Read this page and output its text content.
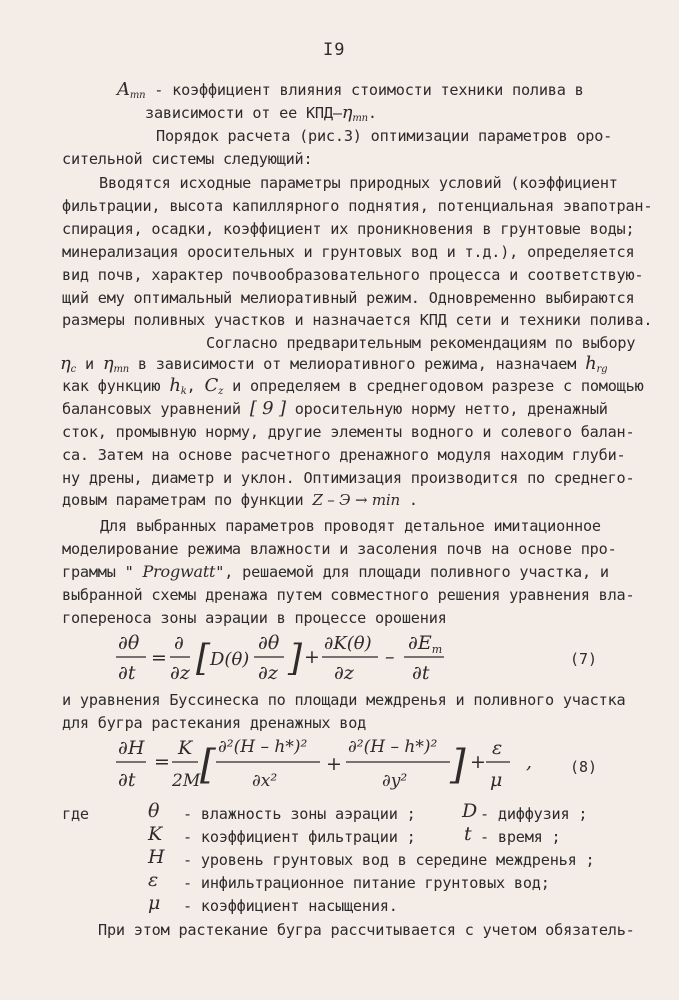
I9
$A_{mn}$ - коэффициент влияния стоимости техники полива в
зависимости от ее КПД–$\eta_{mn}$.
Порядок расчета (рис.3) оптимизации параметров оро-
сительной системы следующий:
Вводятся исходные параметры природных условий (коэффициент
фильтрации, высота капиллярного поднятия, потенциальная эвапотран-
спирация, осадки, коэффициент их проникновения в грунтовые воды;
минерализация оросительных и грунтовых вод и т.д.), определяется
вид почв, характер почвообразовательного процесса и соответствую-
щий ему оптимальный мелиоративный режим. Одновременно выбираются
размеры поливных участков и назначается КПД сети и техники полива.
Согласно предварительным рекомендациям по выбору
$\eta_c$ и $\eta_{mn}$ в зависимости от мелиоративного режима, назначаем $h_{rg}$
как функцию $h_k$, $C_z$ и определяем в среднегодовом разрезе с помощью
балансовых уравнений [ 9 ] оросительную норму нетто, дренажный
сток, промывную норму, другие элементы водного и солевого балан-
са. Затем на основе расчетного дренажного модуля находим глуби-
ну дрены, диаметр и уклон. Оптимизация производится по среднего-
довым параметрам по функции Z – Э → min .
Для выбранных параметров проводят детальное имитационное
моделирование режима влажности и засоления почв на основе про-
граммы " Progwatt", решаемой для площади поливного участка, и
выбранной схемы дренажа путем совместного решения уравнения вла-
гопереноса зоны аэрации в процессе орошения
∂θ
∂t
=
∂
∂z [ D(θ)
∂θ
∂z ] +
∂K(θ)
∂z
–
$\partial E_m$
∂t
(7)
и уравнения Буссинеска по площади междренья и поливного участка
для бугра растекания дренажных вод
∂H
∂t
=
K
2M [ ∂²(H – h*)²
∂x²
+
∂²(H – h*)²
∂y² ] +
ε
μ
,	(8)
где	θ - влажность зоны аэрации ; D - диффузия ;
K - коэффициент фильтрации ;	t - время ;
H - уровень грунтовых вод в середине междренья ;
ε - инфильтрационное питание грунтовых вод;
μ - коэффициент насыщения.
При этом растекание бугра рассчитывается с учетом обязатель-
